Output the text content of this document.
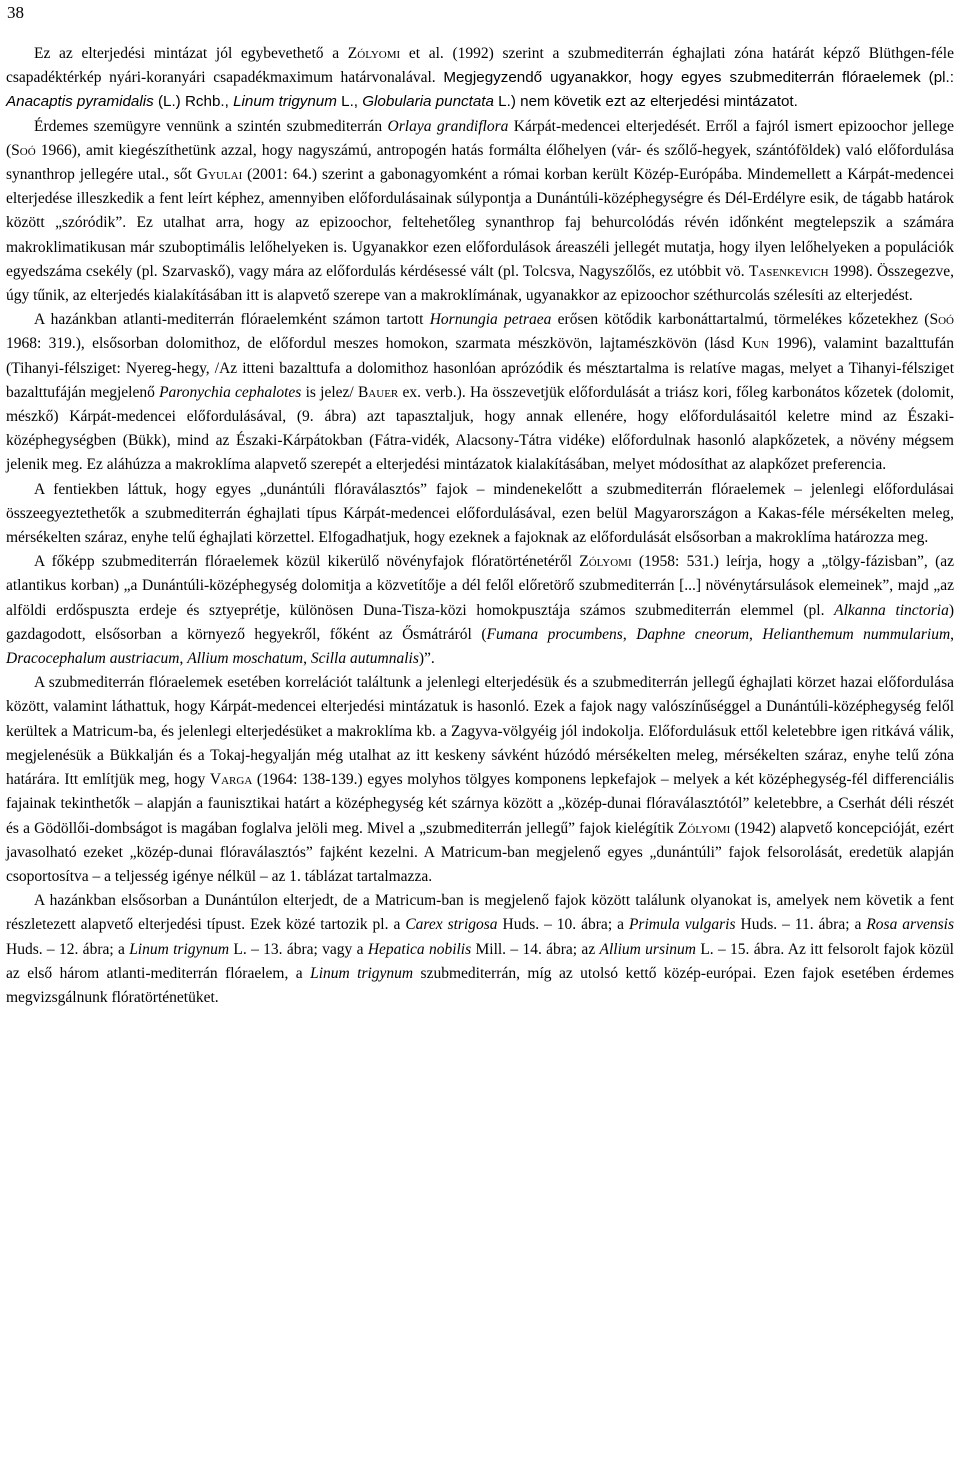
38

Ez az elterjedési mintázat jól egybevethető a Zólyomi et al. (1992) szerint a szubmediterrán éghajlati zóna határát képző Blüthgen-féle csapadéktérkép nyári-koranyári csapadékmaximum határvonalával. Megjegyzendő ugyanakkor, hogy egyes szubmediterrán flóraelemek (pl.: Anacaptis pyramidalis (L.) Rchb., Linum trigynum L., Globularia punctata L.) nem követik ezt az elterjedési mintázatot.

Érdemes szemügyre vennünk a szintén szubmediterrán Orlaya grandiflora Kárpát-medencei elterjedését. Erről a fajról ismert epizoochor jellege (Soó 1966), amit kiegészíthetünk azzal, hogy nagyszámú, antropogén hatás formálta élőhelyen (vár- és szőlő-hegyek, szántóföldek) való előfordulása synanthrop jellegére utal., sőt Gyulai (2001: 64.) szerint a gabonagyomként a római korban került Közép-Európába. Mindemellett a Kárpát-medencei elterjedése illeszkedik a fent leírt képhez, amennyiben előfordulásainak súlypontja a Dunántúli-középhegységre és Dél-Erdélyre esik, de tágabb határok között „szóródik”. Ez utalhat arra, hogy az epizoochor, feltehetőleg synanthrop faj behurcolódás révén időnként megtelepszik a számára makroklimatikusan már szuboptimális lelőhelyeken is. Ugyanakkor ezen előfordulások áreaszéli jellegét mutatja, hogy ilyen lelőhelyeken a populációk egyedszáma csekély (pl. Szarvaskő), vagy mára az előfordulás kérdésessé vált (pl. Tolcsva, Nagyszőlős, ez utóbbit vö. Tasenkevich 1998). Összegezve, úgy tűnik, az elterjedés kialakításában itt is alapvető szerepe van a makroklímának, ugyanakkor az epizoochor széthurcolás szélesíti az elterjedést.

A hazánkban atlanti-mediterrán flóraelemként számon tartott Hornungia petraea erősen kötődik karbonáttartalmú, törmelékes kőzetekhez (Soó 1968: 319.), elsősorban dolomithoz, de előfordul meszes homokon, szarmata mészkövön, lajtamészkövön (lásd Kun 1996), valamint bazalttufán (Tihanyi-félsziget: Nyereg-hegy, /Az itteni bazalttufa a dolomithoz hasonlóan aprózódik és mésztartalma is relatíve magas, melyet a Tihanyi-félsziget bazalttufáján megjelenő Paronychia cephalotes is jelez/ Bauer ex. verb.). Ha összevetjük előfordulását a triász kori, főleg karbonátos kőzetek (dolomit, mészkő) Kárpát-medencei előfordulásával, (9. ábra) azt tapasztaljuk, hogy annak ellenére, hogy előfordulásaitól keletre mind az Északi-középhegységben (Bükk), mind az Északi-Kárpátokban (Fátra-vidék, Alacsony-Tátra vidéke) előfordulnak hasonló alapkőzetek, a növény mégsem jelenik meg. Ez aláhúzza a makroklíma alapvető szerepét a elterjedési mintázatok kialakításában, melyet módosíthat az alapkőzet preferencia.

A fentiekben láttuk, hogy egyes „dunántúli flóraválasztós” fajok – mindenekelőtt a szubmediterrán flóraelemek – jelenlegi előfordulásai összeegyeztethetők a szubmediterrán éghajlati típus Kárpát-medencei előfordulásával, ezen belül Magyarországon a Kakas-féle mérsékelten meleg, mérsékelten száraz, enyhe telű éghajlati körzettel. Elfogadhatjuk, hogy ezeknek a fajoknak az előfordulását elsősorban a makroklíma határozza meg.

A főképp szubmediterrán flóraelemek közül kikerülő növényfajok flóratörténetéről Zólyomi (1958: 531.) leírja, hogy a „tölgy-fázisban”, (az atlantikus korban) „a Dunántúli-középhegység dolomitja a közvetítője a dél felől előretörő szubmediterrán [...] növénytársulások elemeinek”, majd „az alföldi erdőspuszta erdeje és sztyeprétje, különösen Duna-Tisza-közi homokpusztája számos szubmediterrán elemmel (pl. Alkanna tinctoria) gazdagodott, elsősorban a környező hegyekről, főként az Ősmátráról (Fumana procumbens, Daphne cneorum, Helianthemum nummularium, Dracocephalum austriacum, Allium moschatum, Scilla autumnalis)”.

A szubmediterrán flóraelemek esetében korrelációt találtunk a jelenlegi elterjedésük és a szubmediterrán jellegű éghajlati körzet hazai előfordulása között, valamint láthattuk, hogy Kárpát-medencei elterjedési mintázatuk is hasonló. Ezek a fajok nagy valószínűséggel a Dunántúli-középhegység felől kerültek a Matricum-ba, és jelenlegi elterjedésüket a makroklíma kb. a Zagyva-völgyéig jól indokolja. Előfordulásuk ettől keletebbre igen ritkává válik, megjelenésük a Bükkalján és a Tokaj-hegyalján még utalhat az itt keskeny sávként húzódó mérsékelten meleg, mérsékelten száraz, enyhe telű zóna határára. Itt említjük meg, hogy Varga (1964: 138-139.) egyes molyhos tölgyes komponens lepkefajok – melyek a két középhegység-fél differenciális fajainak tekinthetők – alapján a faunisztikai határt a középhegység két szárnya között a „közép-dunai flóraválasztótól” keletebbre, a Cserhát déli részét és a Gödöllői-dombságot is magában foglalva jelöli meg. Mivel a „szubmediterrán jellegű” fajok kielégítik Zólyomi (1942) alapvető koncepcióját, ezért javasolható ezeket „közép-dunai flóraválasztós” fajként kezelni. A Matricum-ban megjelenő egyes „dunántúli” fajok felsorolását, eredetük alapján csoportosítva – a teljesség igénye nélkül – az 1. táblázat tartalmazza.

A hazánkban elsősorban a Dunántúlon elterjedt, de a Matricum-ban is megjelenő fajok között találunk olyanokat is, amelyek nem követik a fent részletezett alapvető elterjedési típust. Ezek közé tartozik pl. a Carex strigosa Huds. – 10. ábra; a Primula vulgaris Huds. – 11. ábra; a Rosa arvensis Huds. – 12. ábra; a Linum trigynum L. – 13. ábra; vagy a Hepatica nobilis Mill. – 14. ábra; az Allium ursinum L. – 15. ábra. Az itt felsorolt fajok közül az első három atlanti-mediterrán flóraelem, a Linum trigynum szubmediterrán, míg az utolsó kettő közép-európai. Ezen fajok esetében érdemes megvizsgálnunk flóratörténetüket.
